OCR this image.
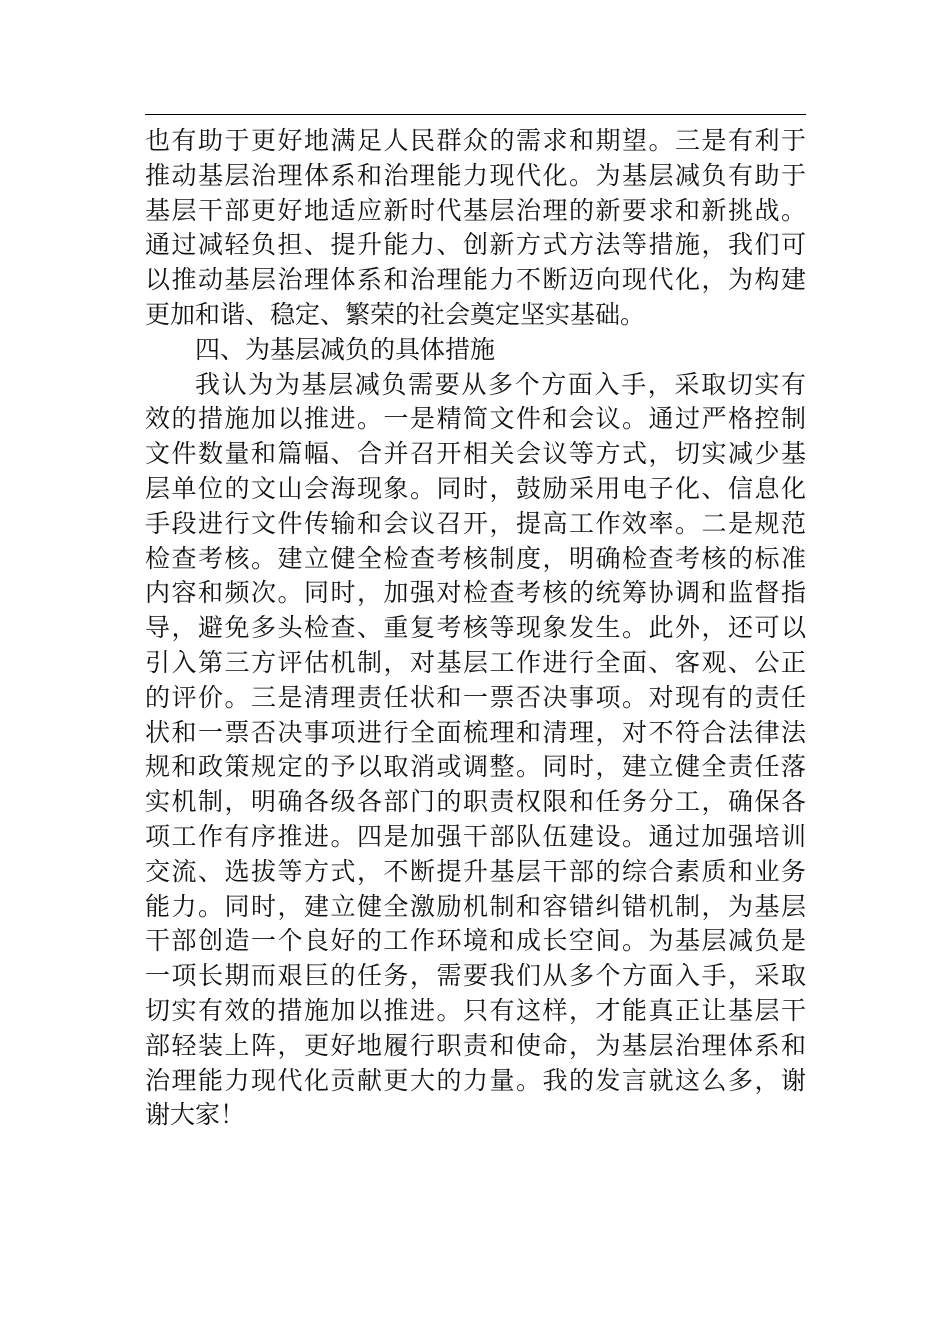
也有助于更好地满足人民群众的需求和期望。三是有利于
推动基层治理体系和治理能力现代化。为基层减负有助于
基层干部更好地适应新时代基层治理的新要求和新挑战。
通过减轻负担、提升能力、创新方式方法等措施，我们可
以推动基层治理体系和治理能力不断迈向现代化，为构建
更加和谐、稳定、繁荣的社会奠定坚实基础。

四、为基层减负的具体措施

我认为为基层减负需要从多个方面入手，采取切实有
效的措施加以推进。一是精简文件和会议。通过严格控制
文件数量和篇幅、合并召开相关会议等方式，切实减少基
层单位的文山会海现象。同时，鼓励采用电子化、信息化
手段进行文件传输和会议召开，提高工作效率。二是规范
检查考核。建立健全检查考核制度，明确检查考核的标准
内容和频次。同时，加强对检查考核的统筹协调和监督指
导，避免多头检查、重复考核等现象发生。此外，还可以
引入第三方评估机制，对基层工作进行全面、客观、公正
的评价。三是清理责任状和一票否决事项。对现有的责任
状和一票否决事项进行全面梳理和清理，对不符合法律法
规和政策规定的予以取消或调整。同时，建立健全责任落
实机制，明确各级各部门的职责权限和任务分工，确保各
项工作有序推进。四是加强干部队伍建设。通过加强培训
交流、选拔等方式，不断提升基层干部的综合素质和业务
能力。同时，建立健全激励机制和容错纠错机制，为基层
干部创造一个良好的工作环境和成长空间。为基层减负是
一项长期而艰巨的任务，需要我们从多个方面入手，采取
切实有效的措施加以推进。只有这样，才能真正让基层干
部轻装上阵，更好地履行职责和使命，为基层治理体系和
治理能力现代化贡献更大的力量。我的发言就这么多，谢
谢大家！
